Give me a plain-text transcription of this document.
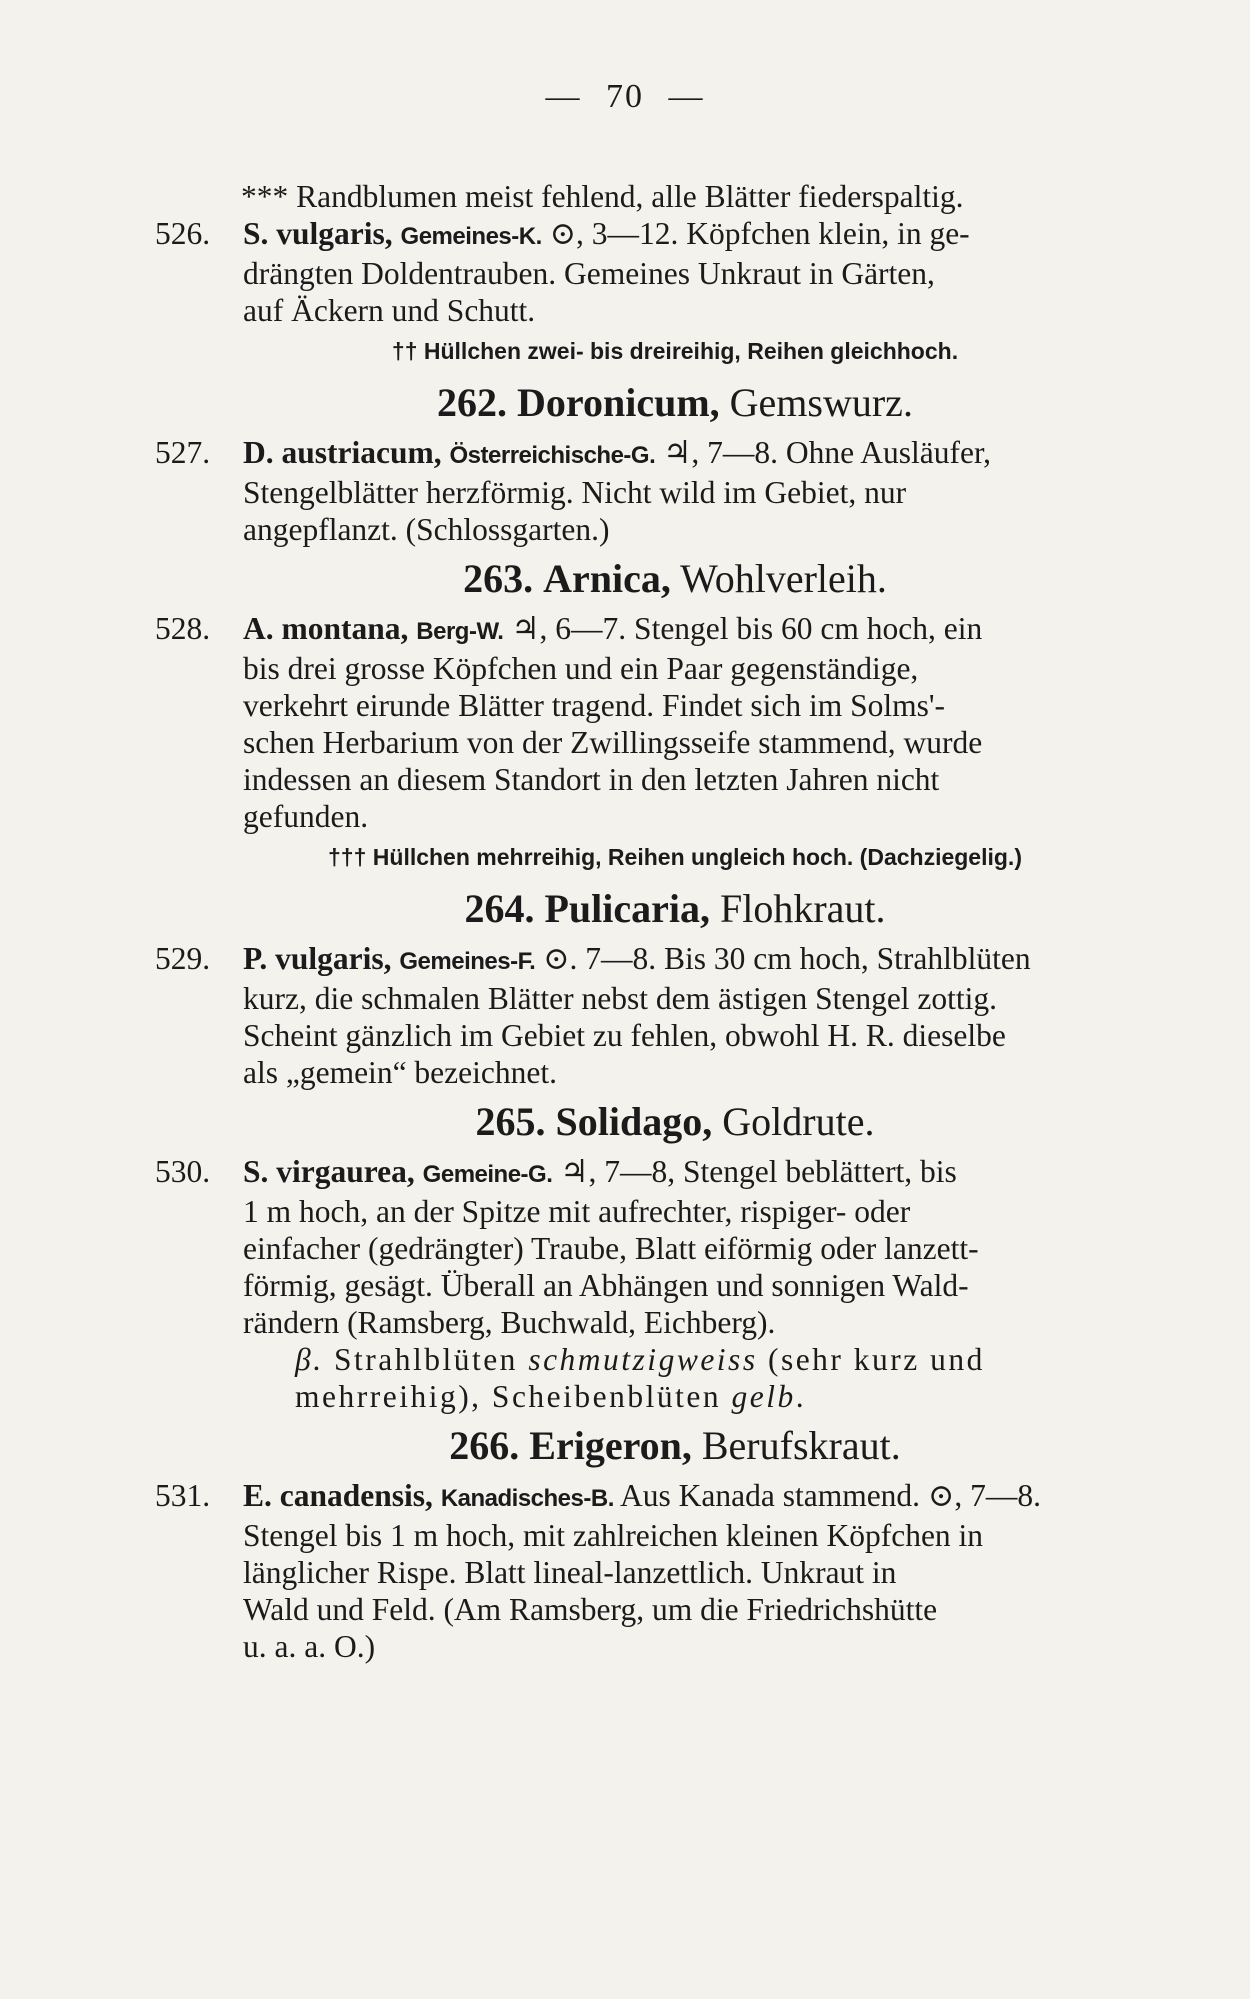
— 70 —
*** Randblumen meist fehlend, alle Blätter fiederspaltig.
526. S. vulgaris, Gemeines-K. ⊙, 3—12. Köpfchen klein, in ge-
drängten Doldentrauben. Gemeines Unkraut in Gärten,
auf Äckern und Schutt.
†† Hüllchen zwei- bis dreireihig, Reihen gleichhoch.
262. Doronicum, Gemswurz.
527. D. austriacum, Österreichische-G. ♃, 7—8. Ohne Ausläufer,
Stengelblätter herzförmig. Nicht wild im Gebiet, nur
angepflanzt. (Schlossgarten.)
263. Arnica, Wohlverleih.
528. A. montana, Berg-W. ♃, 6—7. Stengel bis 60 cm hoch, ein
bis drei grosse Köpfchen und ein Paar gegenständige,
verkehrt eirunde Blätter tragend. Findet sich im Solms'-
schen Herbarium von der Zwillingsseife stammend, wurde
indessen an diesem Standort in den letzten Jahren nicht
gefunden.
††† Hüllchen mehrreihig, Reihen ungleich hoch. (Dachziegelig.)
264. Pulicaria, Flohkraut.
529. P. vulgaris, Gemeines-F. ⊙. 7—8. Bis 30 cm hoch, Strahlblüten
kurz, die schmalen Blätter nebst dem ästigen Stengel zottig.
Scheint gänzlich im Gebiet zu fehlen, obwohl H. R. dieselbe
als „gemein“ bezeichnet.
265. Solidago, Goldrute.
530. S. virgaurea, Gemeine-G. ♃, 7—8, Stengel beblättert, bis
1 m hoch, an der Spitze mit aufrechter, rispiger- oder
einfacher (gedrängter) Traube, Blatt eiförmig oder lanzett-
förmig, gesägt. Überall an Abhängen und sonnigen Wald-
rändern (Ramsberg, Buchwald, Eichberg).
β. Strahlblüten schmutzigweiss (sehr kurz und
mehrreihig), Scheibenblüten gelb.
266. Erigeron, Berufskraut.
531. E. canadensis, Kanadisches-B. Aus Kanada stammend. ⊙, 7—8.
Stengel bis 1 m hoch, mit zahlreichen kleinen Köpfchen in
länglicher Rispe. Blatt lineal-lanzettlich. Unkraut in
Wald und Feld. (Am Ramsberg, um die Friedrichshütte
u. a. a. O.)
